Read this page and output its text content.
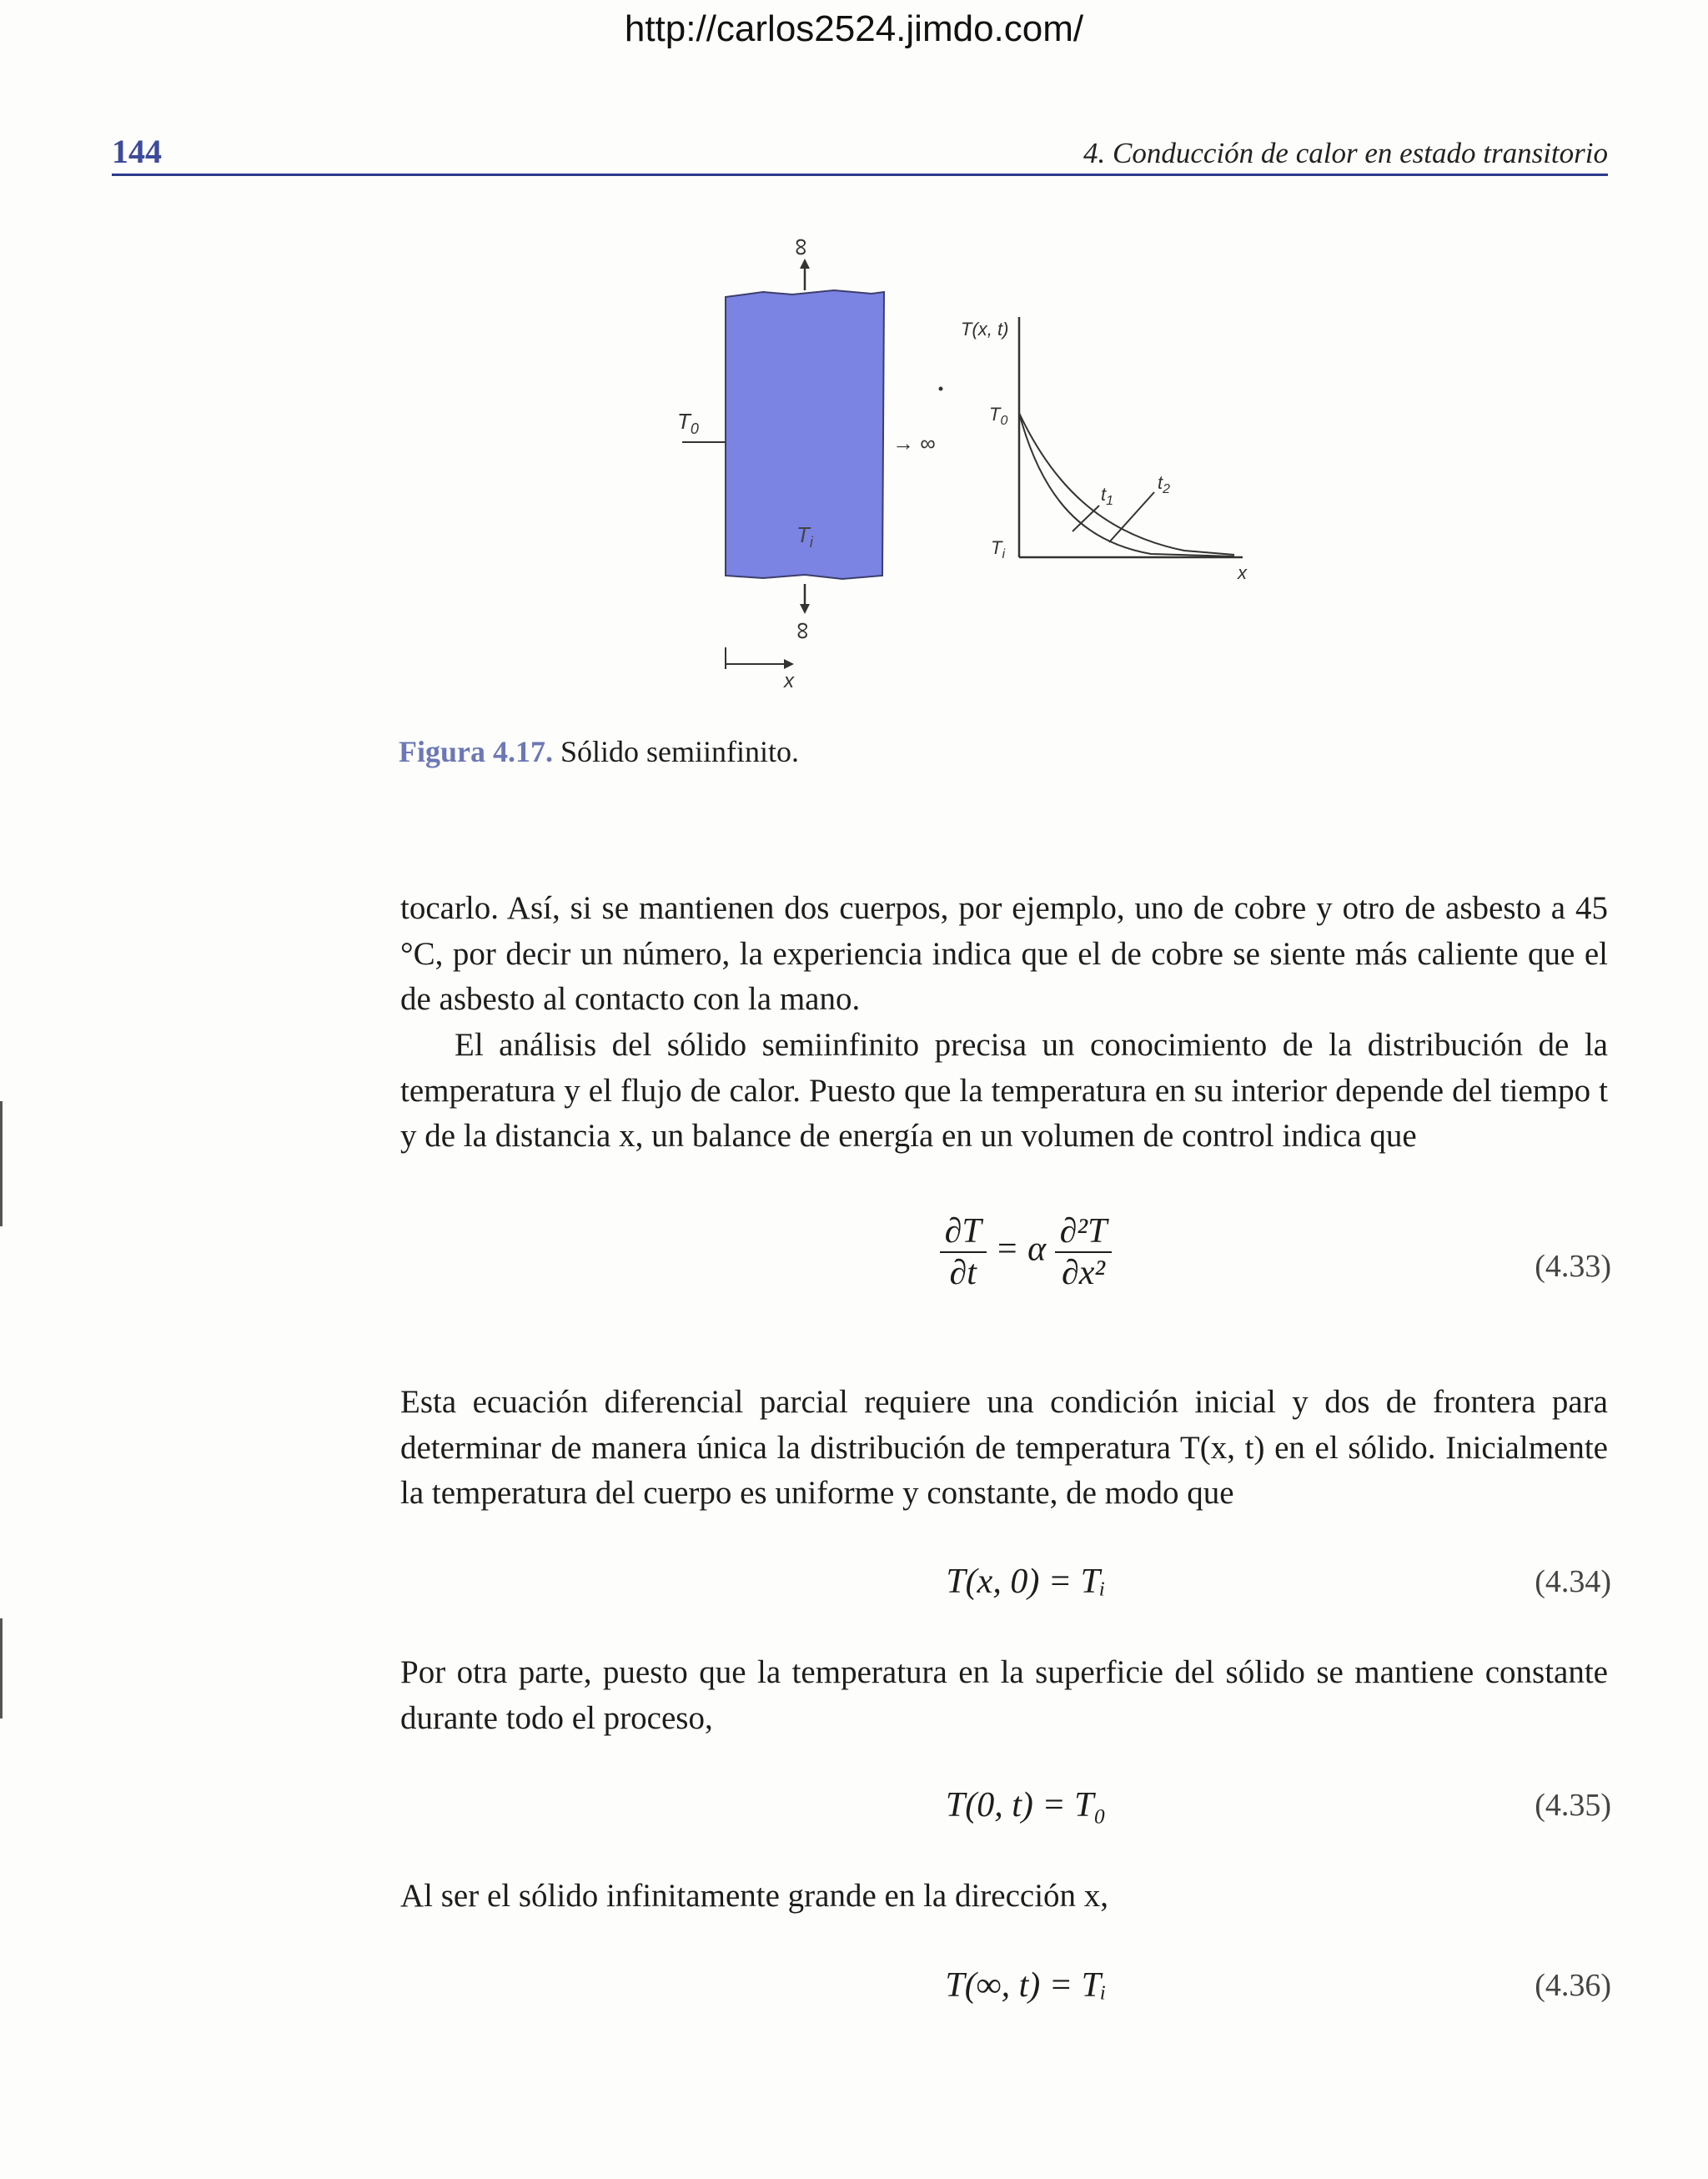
http://carlos2524.jimdo.com/
144	4. Conducción de calor en estado transitorio
∞
∞
$T_0$
$T_i$
→ ∞
x
T(x, t)
x
$T_0$
$T_i$
$t_1$
$t_2$
Figura 4.17. Sólido semiinfinito.

tocarlo. Así, si se mantienen dos cuerpos, por ejemplo, uno de cobre y otro de asbesto a 45 °C, por decir un número, la experiencia indica que el de cobre se siente más caliente que el de asbesto al contacto con la mano.

El análisis del sólido semiinfinito precisa un conocimiento de la distribución de la temperatura y el flujo de calor. Puesto que la temperatura en su interior depende del tiempo t y de la distancia x, un balance de energía en un volumen de control indica que

$\frac{\partial T}{\partial t} = \alpha \frac{\text{∂²T}}{\text{∂x²}}$	(4.33)

Esta ecuación diferencial parcial requiere una condición inicial y dos de frontera para determinar de manera única la distribución de temperatura T(x, t) en el sólido. Inicialmente la temperatura del cuerpo es uniforme y constante, de modo que

T(x, 0) = Tᵢ	(4.34)

Por otra parte, puesto que la temperatura en la superficie del sólido se mantiene constante durante todo el proceso,

T(0, t) = T₀	(4.35)

Al ser el sólido infinitamente grande en la dirección x,

T(∞, t) = Tᵢ	(4.36)
